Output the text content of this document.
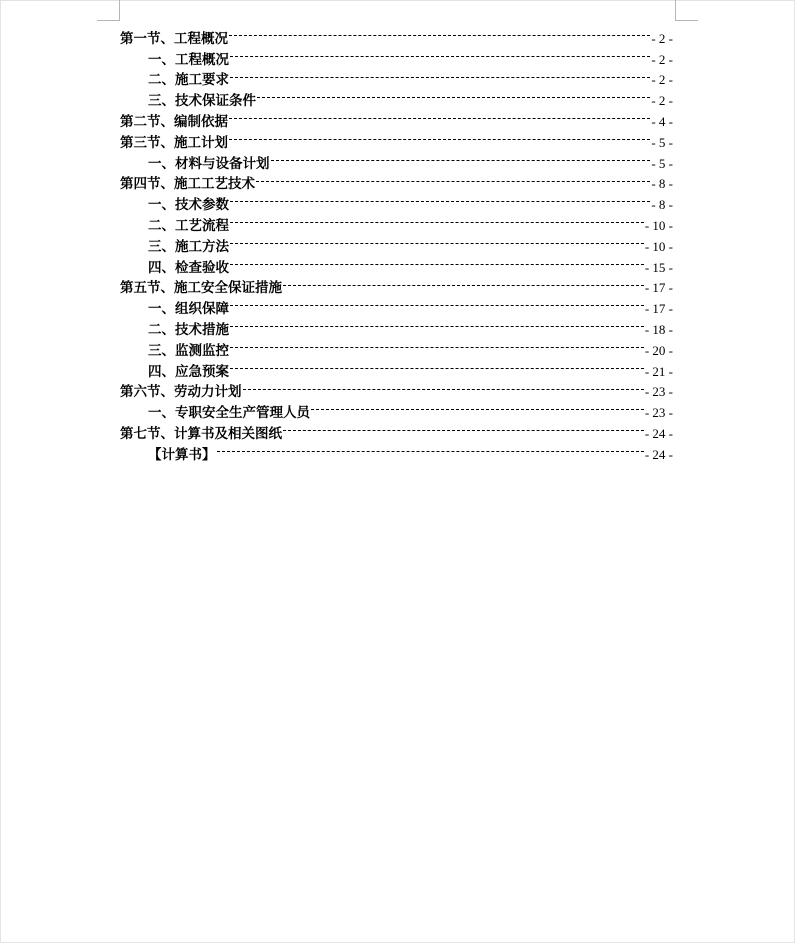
第一节、工程概况	- 2 -
一、工程概况	- 2 -
二、施工要求	- 2 -
三、技术保证条件	- 2 -
第二节、编制依据	- 4 -
第三节、施工计划	- 5 -
一、材料与设备计划	- 5 -
第四节、施工工艺技术	- 8 -
一、技术参数	- 8 -
二、工艺流程	- 10 -
三、施工方法	- 10 -
四、检查验收	- 15 -
第五节、施工安全保证措施	- 17 -
一、组织保障	- 17 -
二、技术措施	- 18 -
三、监测监控	- 20 -
四、应急预案	- 21 -
第六节、劳动力计划	- 23 -
一、专职安全生产管理人员	- 23 -
第七节、计算书及相关图纸	- 24 -
【计算书】	- 24 -
